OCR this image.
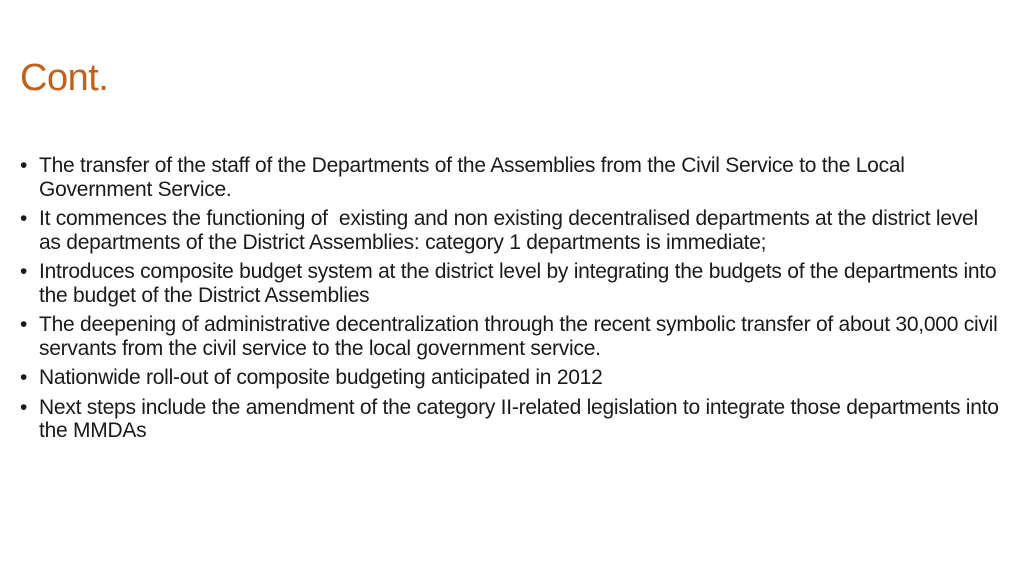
Cont.
• The transfer of the staff of the Departments of the Assemblies from the Civil Service to the Local Government Service.
• It commences the functioning of  existing and non existing decentralised departments at the district level as departments of the District Assemblies: category 1 departments is immediate;
• Introduces composite budget system at the district level by integrating the budgets of the departments into the budget of the District Assemblies
• The deepening of administrative decentralization through the recent symbolic transfer of about 30,000 civil servants from the civil service to the local government service.
• Nationwide roll-out of composite budgeting anticipated in 2012
• Next steps include the amendment of the category II-related legislation to integrate those departments into the MMDAs
